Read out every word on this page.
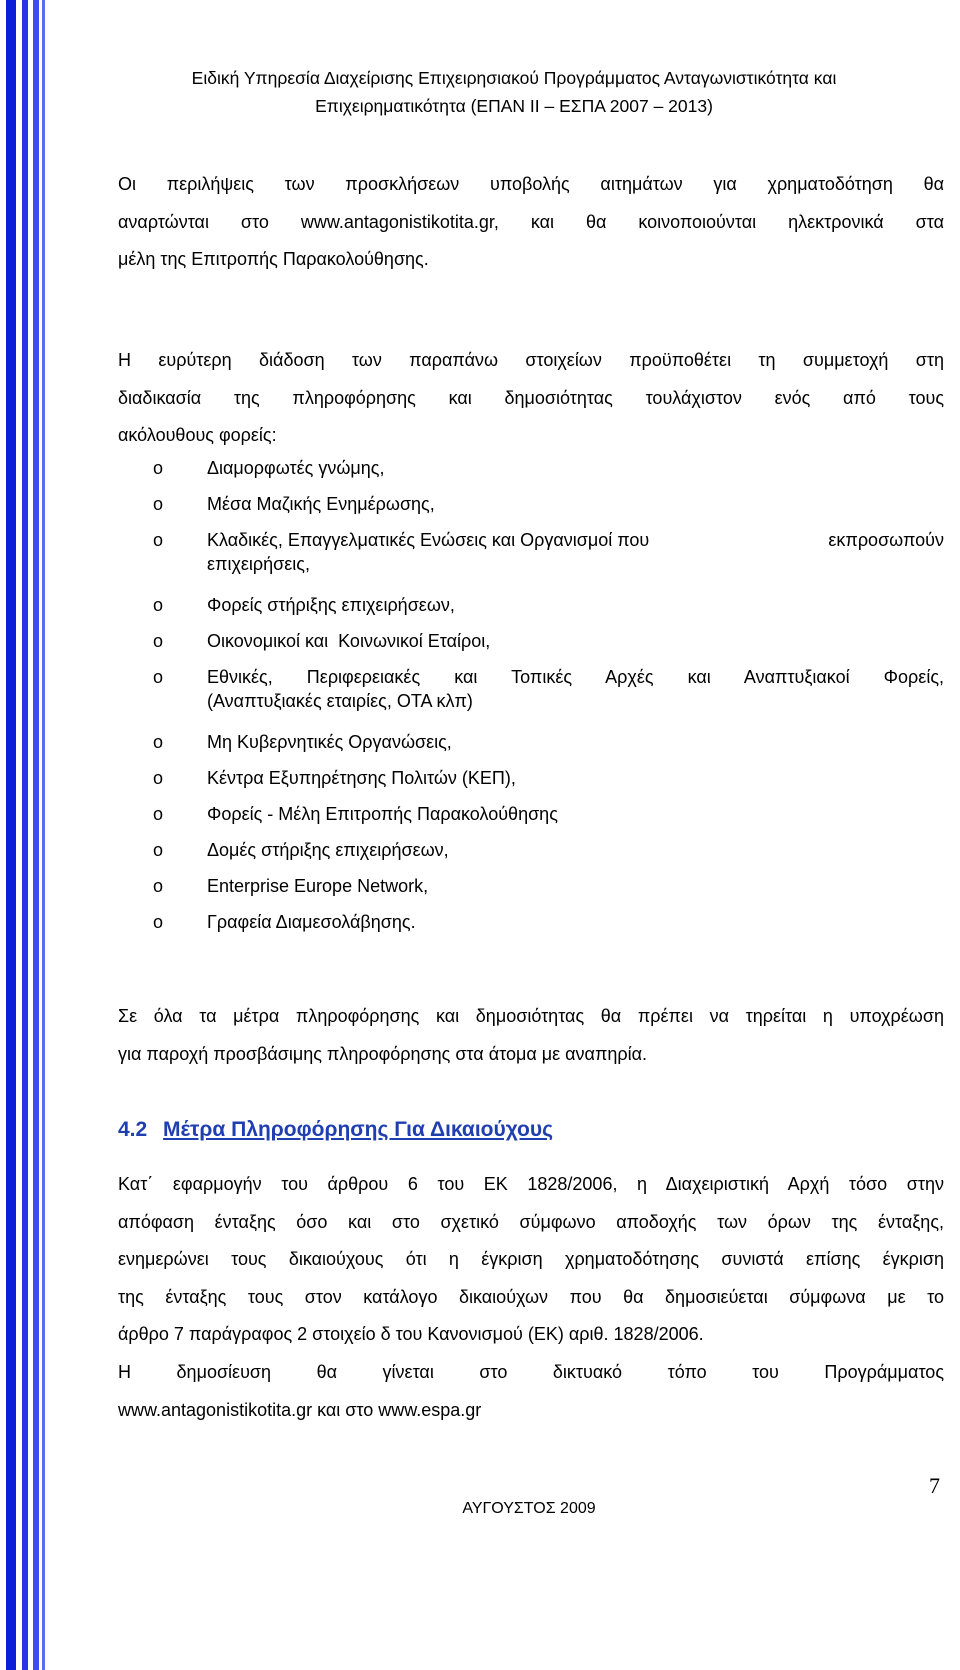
Ειδική Υπηρεσία Διαχείρισης Επιχειρησιακού Προγράμματος Ανταγωνιστικότητα και
Επιχειρηματικότητα (ΕΠΑΝ ΙΙ – ΕΣΠΑ 2007 – 2013)
Οι περιλήψεις των προσκλήσεων υποβολής αιτημάτων για χρηματοδότηση θα
αναρτώνται στο www.antagonistikotita.gr, και θα κοινοποιούνται ηλεκτρονικά στα
μέλη της Επιτροπής Παρακολούθησης.
Η ευρύτερη διάδοση των παραπάνω στοιχείων προϋποθέτει τη συμμετοχή στη
διαδικασία της πληροφόρησης και δημοσιότητας τουλάχιστον ενός από τους
ακόλουθους φορείς:
o Διαμορφωτές γνώμης,
o Μέσα Μαζικής Ενημέρωσης,
o Κλαδικές, Επαγγελματικές Ενώσεις και Οργανισμοί που	εκπροσωπούν

επιχειρήσεις,
o Φορείς στήριξης επιχειρήσεων,
o Οικονομικοί και  Κοινωνικοί Εταίροι,
o Εθνικές, Περιφερειακές και Τοπικές Αρχές και Αναπτυξιακοί Φορείς,
(Αναπτυξιακές εταιρίες, ΟΤΑ κλπ)
o Μη Κυβερνητικές Οργανώσεις,
o Κέντρα Εξυπηρέτησης Πολιτών (ΚΕΠ),
o Φορείς - Μέλη Επιτροπής Παρακολούθησης
o Δομές στήριξης επιχειρήσεων,
o Enterprise Europe Network,
o Γραφεία Διαμεσολάβησης.
Σε όλα τα μέτρα πληροφόρησης και δημοσιότητας θα πρέπει να τηρείται η υποχρέωση
για παροχή προσβάσιμης πληροφόρησης στα άτομα με αναπηρία.
4.2 Μέτρα Πληροφόρησης Για Δικαιούχους
Κατ΄ εφαρμογήν του άρθρου 6 του ΕΚ 1828/2006, η Διαχειριστική Αρχή τόσο στην
απόφαση ένταξης όσο και στο σχετικό σύμφωνο αποδοχής των όρων της ένταξης,
ενημερώνει τους δικαιούχους ότι η έγκριση χρηματοδότησης συνιστά επίσης έγκριση
της ένταξης τους στον κατάλογο δικαιούχων που θα δημοσιεύεται σύμφωνα με το
άρθρο 7 παράγραφος 2 στοιχείο δ του Κανονισμού (ΕΚ) αριθ. 1828/2006.
Η δημοσίευση θα γίνεται στο δικτυακό τόπο του Προγράμματος
www.antagonistikotita.gr και στο www.espa.gr
7
ΑΥΓΟΥΣΤΟΣ 2009
